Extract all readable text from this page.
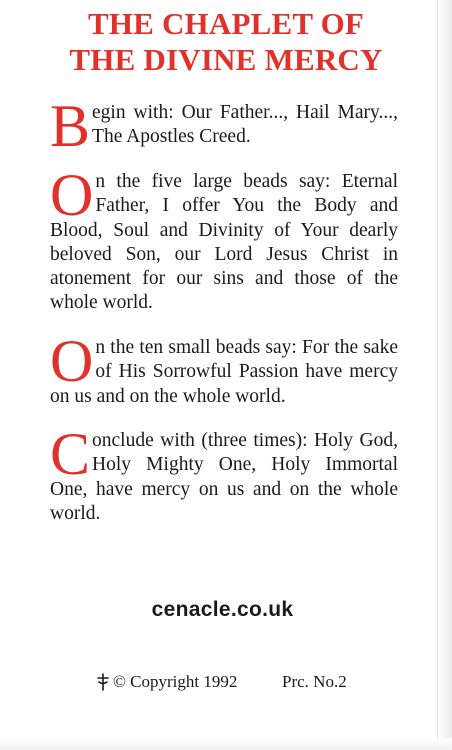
THE CHAPLET OF
THE DIVINE MERCY

B egin with: Our Father..., Hail Mary..., The Apostles Creed.

O n the five large beads say: Eternal Father, I offer You the Body and Blood, Soul and Divinity of Your dearly beloved Son, our Lord Jesus Christ in atonement for our sins and those of the whole world.

O n the ten small beads say: For the sake of His Sorrowful Passion have mercy on us and on the whole world.

C onclude with (three times): Holy God, Holy Mighty One, Holy Immortal One, have mercy on us and on the whole world.

cenacle.co.uk

© Copyright 1992	Prc. No.2
